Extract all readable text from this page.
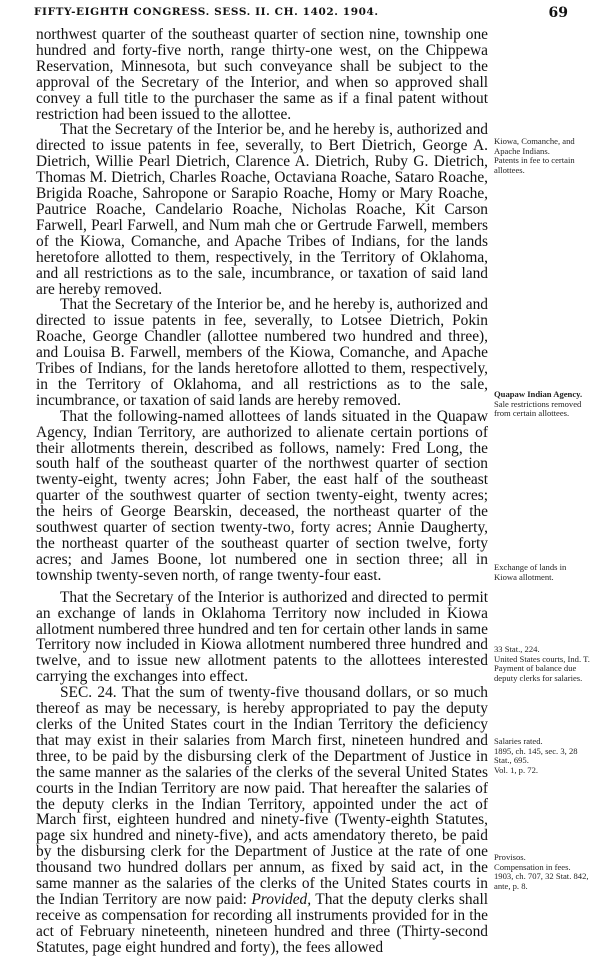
FIFTY-EIGHTH CONGRESS. SESS. II. CH. 1402. 1904.	69

northwest quarter of the southeast quarter of section nine, township one hundred and forty-five north, range thirty-one west, on the Chippewa Reservation, Minnesota, but such conveyance shall be subject to the approval of the Secretary of the Interior, and when so approved shall convey a full title to the purchaser the same as if a final patent without restriction had been issued to the allottee.

That the Secretary of the Interior be, and he hereby is, authorized and directed to issue patents in fee, severally, to Bert Dietrich, George A. Dietrich, Willie Pearl Dietrich, Clarence A. Dietrich, Ruby G. Dietrich, Thomas M. Dietrich, Charles Roache, Octaviana Roache, Sataro Roache, Brigida Roache, Sahropone or Sarapio Roache, Homy or Mary Roache, Pautrice Roache, Candelario Roache, Nicholas Roache, Kit Carson Farwell, Pearl Farwell, and Num mah che or Gertrude Farwell, members of the Kiowa, Comanche, and Apache Tribes of Indians, for the lands heretofore allotted to them, respectively, in the Territory of Oklahoma, and all restrictions as to the sale, incumbrance, or taxation of said land are hereby removed.

That the Secretary of the Interior be, and he hereby is, authorized and directed to issue patents in fee, severally, to Lotsee Dietrich, Pokin Roache, George Chandler (allottee numbered two hundred and three), and Louisa B. Farwell, members of the Kiowa, Comanche, and Apache Tribes of Indians, for the lands heretofore allotted to them, respectively, in the Territory of Oklahoma, and all restrictions as to the sale, incumbrance, or taxation of said lands are hereby removed.

That the following-named allottees of lands situated in the Quapaw Agency, Indian Territory, are authorized to alienate certain portions of their allotments therein, described as follows, namely: Fred Long, the south half of the southeast quarter of the northwest quarter of section twenty-eight, twenty acres; John Faber, the east half of the southeast quarter of the southwest quarter of section twenty-eight, twenty acres; the heirs of George Bearskin, deceased, the northeast quarter of the southwest quarter of section twenty-two, forty acres; Annie Daugherty, the northeast quarter of the southeast quarter of section twelve, forty acres; and James Boone, lot numbered one in section three; all in township twenty-seven north, of range twenty-four east.

That the Secretary of the Interior is authorized and directed to permit an exchange of lands in Oklahoma Territory now included in Kiowa allotment numbered three hundred and ten for certain other lands in same Territory now included in Kiowa allotment numbered three hundred and twelve, and to issue new allotment patents to the allottees interested carrying the exchanges into effect.

SEC. 24. That the sum of twenty-five thousand dollars, or so much thereof as may be necessary, is hereby appropriated to pay the deputy clerks of the United States court in the Indian Territory the deficiency that may exist in their salaries from March first, nineteen hundred and three, to be paid by the disbursing clerk of the Department of Justice in the same manner as the salaries of the clerks of the several United States courts in the Indian Territory are now paid. That hereafter the salaries of the deputy clerks in the Indian Territory, appointed under the act of March first, eighteen hundred and ninety-five (Twenty-eighth Statutes, page six hundred and ninety-five), and acts amendatory thereto, be paid by the disbursing clerk for the Department of Justice at the rate of one thousand two hundred dollars per annum, as fixed by said act, in the same manner as the salaries of the clerks of the United States courts in the Indian Territory are now paid: Provided, That the deputy clerks shall receive as compensation for recording all instruments provided for in the act of February nineteenth, nineteen hundred and three (Thirty-second Statutes, page eight hundred and forty), the fees allowed

Kiowa, Comanche, and Apache Indians.
Patents in fee to certain allottees.
Quapaw Indian Agency.
Sale restrictions removed from certain allottees.
Exchange of lands in Kiowa allotment.
33 Stat., 224.
United States courts, Ind. T.
Payment of balance due deputy clerks for salaries.
Salaries rated.
1895, ch. 145, sec. 3, 28 Stat., 695.
Vol. 1, p. 72.
Provisos.
Compensation in fees.
1903, ch. 707, 32 Stat. 842, ante, p. 8.
